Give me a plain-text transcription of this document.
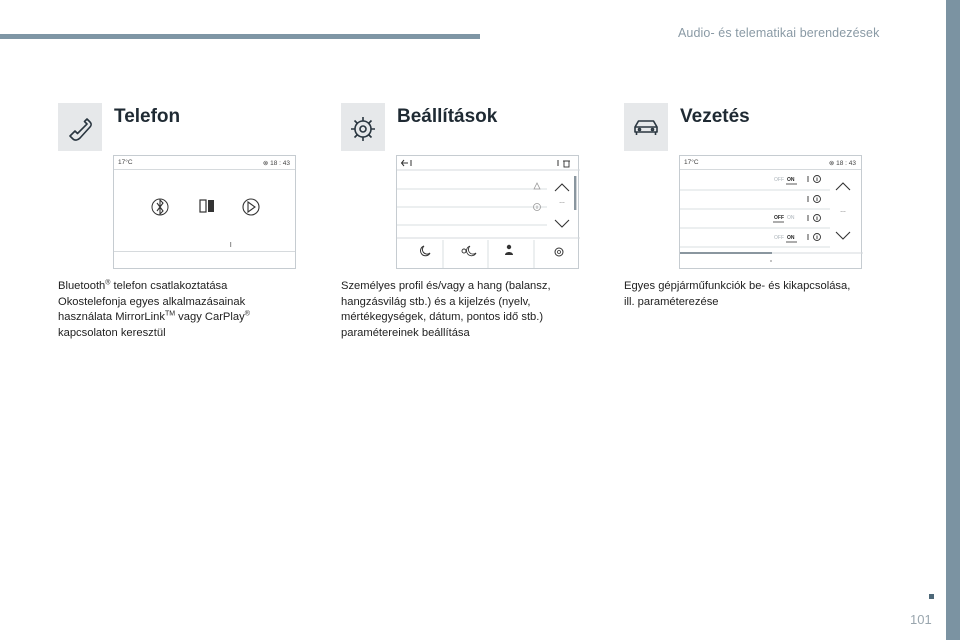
Audio- és telematikai berendezések
Telefon
17°C	⊗ 18 : 43

Bluetooth® telefon csatlakoztatása

Okostelefonja egyes alkalmazásainak

használata MirrorLink™ vagy CarPlay®

kapcsolaton keresztül

Beállítások
…

Személyes profil és/vagy a hang (balansz,

hangzásvilág stb.) és a kijelzés (nyelv,

mértékegységek, dátum, pontos idő stb.)

paramétereinek beállítása

Vezetés
17°C	⊗ 18 : 43
OFF ON
OFF ON
OFF ON
…

Egyes gépjárműfunkciók be- és kikapcsolása,

ill. paraméterezése

101
